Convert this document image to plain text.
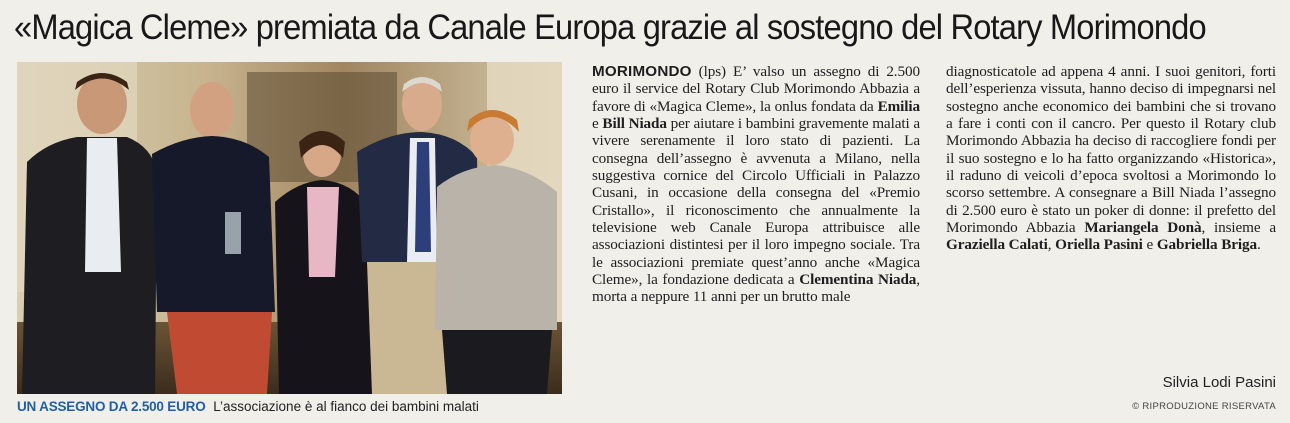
«Magica Cleme» premiata da Canale Europa grazie al sostegno del Rotary Morimondo
UN ASSEGNO DA 2.500 EURO L’associazione è al fianco dei bambini malati

MORIMONDO (lps) E’ valso un assegno di 2.500 euro il service del Rotary Club Morimondo Abbazia a favore di «Magica Cleme», la onlus fondata da Emilia e Bill Niada per aiutare i bambini gravemente malati a vivere serenamente il loro stato di pazienti. La consegna dell’assegno è avvenuta a Milano, nella suggestiva cornice del Circolo Ufficiali in Palazzo Cusani, in occasione della consegna del «Premio Cristallo», il riconoscimento che annualmente la televisione web Canale Europa attribuisce alle associazioni distintesi per il loro impegno sociale. Tra le associazioni premiate quest’anno anche «Magica Cleme», la fondazione dedicata a Clementina Niada, morta a neppure 11 anni per un brutto male

diagnosticatole ad appena 4 anni. I suoi genitori, forti dell’esperienza vissuta, hanno deciso di impegnarsi nel sostegno anche economico dei bambini che si trovano a fare i conti con il cancro. Per questo il Rotary club Morimondo Abbazia ha deciso di raccogliere fondi per il suo sostegno e lo ha fatto organizzando «Historica», il raduno di veicoli d’epoca svoltosi a Morimondo lo scorso settembre. A consegnare a Bill Niada l’assegno di 2.500 euro è stato un poker di donne: il prefetto del Morimondo Abbazia Mariangela Donà, insieme a Graziella Calati, Oriella Pasini e Gabriella Briga.

Silvia Lodi Pasini
© RIPRODUZIONE RISERVATA
